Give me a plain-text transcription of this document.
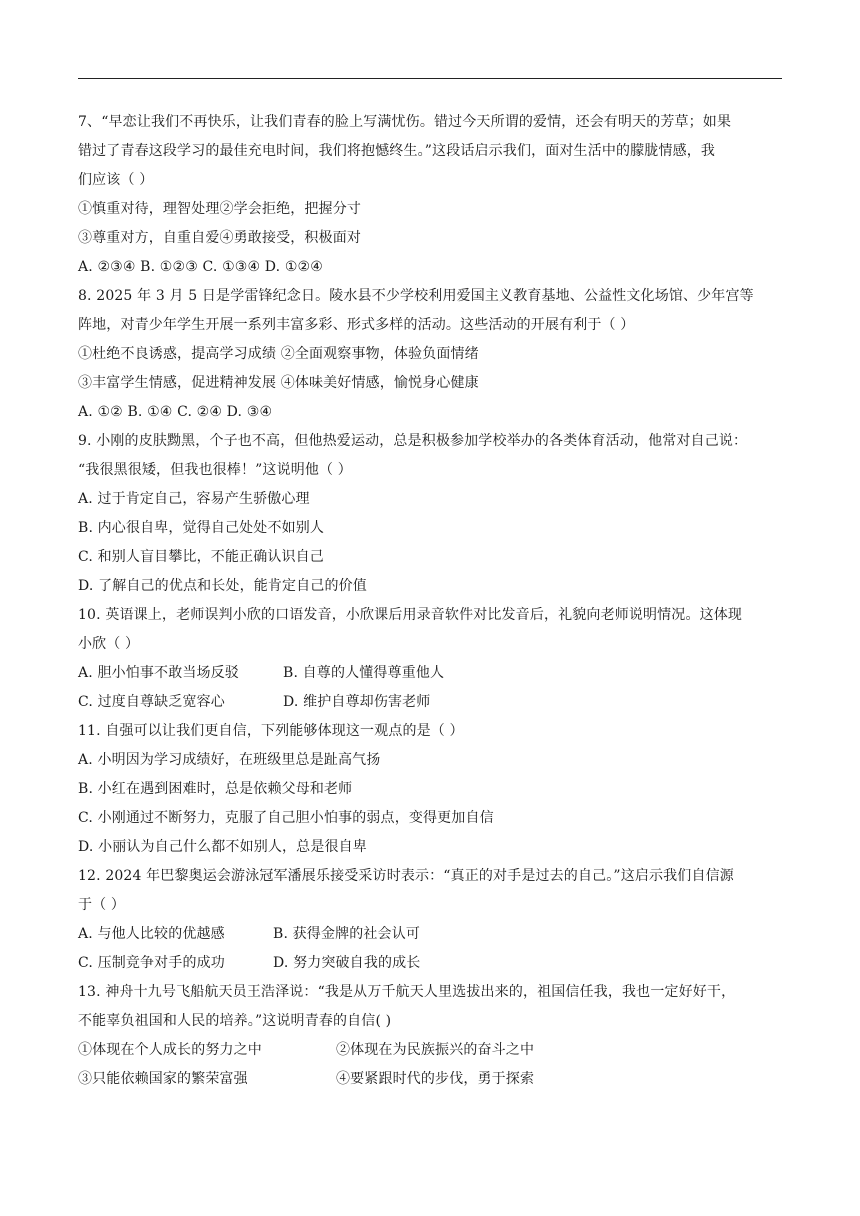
7、“早恋让我们不再快乐，让我们青春的脸上写满忧伤。错过今天所谓的爱情，还会有明天的芳草；如果
错过了青春这段学习的最佳充电时间，我们将抱憾终生。”这段话启示我们，面对生活中的朦胧情感，我
们应该（ ）
①慎重对待，理智处理②学会拒绝，把握分寸
③尊重对方，自重自爱④勇敢接受，积极面对
A. ②③④ B. ①②③ C. ①③④ D. ①②④
8. 2025 年 3 月 5 日是学雷锋纪念日。陵水县不少学校利用爱国主义教育基地、公益性文化场馆、少年宫等
阵地，对青少年学生开展一系列丰富多彩、形式多样的活动。这些活动的开展有利于（ ）
①杜绝不良诱惑，提高学习成绩 ②全面观察事物，体验负面情绪
③丰富学生情感，促进精神发展 ④体味美好情感，愉悦身心健康
A. ①② B. ①④ C. ②④ D. ③④
9. 小刚的皮肤黝黑，个子也不高，但他热爱运动，总是积极参加学校举办的各类体育活动，他常对自己说：
“我很黑很矮，但我也很棒！”这说明他（ ）
A. 过于肯定自己，容易产生骄傲心理
B. 内心很自卑，觉得自己处处不如别人
C. 和别人盲目攀比，不能正确认识自己
D. 了解自己的优点和长处，能肯定自己的价值
10. 英语课上，老师误判小欣的口语发音，小欣课后用录音软件对比发音后，礼貌向老师说明情况。这体现
小欣（ ）
A. 胆小怕事不敢当场反驳	B. 自尊的人懂得尊重他人
C. 过度自尊缺乏宽容心	D. 维护自尊却伤害老师
11. 自强可以让我们更自信，下列能够体现这一观点的是（ ）
A. 小明因为学习成绩好，在班级里总是趾高气扬
B. 小红在遇到困难时，总是依赖父母和老师
C. 小刚通过不断努力，克服了自己胆小怕事的弱点，变得更加自信
D. 小丽认为自己什么都不如别人，总是很自卑
12. 2024 年巴黎奥运会游泳冠军潘展乐接受采访时表示：“真正的对手是过去的自己。”这启示我们自信源
于（ ）
A. 与他人比较的优越感	B. 获得金牌的社会认可
C. 压制竞争对手的成功	D. 努力突破自我的成长
13. 神舟十九号飞船航天员王浩泽说：“我是从万千航天人里选拔出来的，祖国信任我，我也一定好好干，
不能辜负祖国和人民的培养。”这说明青春的自信( )
①体现在个人成长的努力之中	②体现在为民族振兴的奋斗之中
③只能依赖国家的繁荣富强	④要紧跟时代的步伐，勇于探索
